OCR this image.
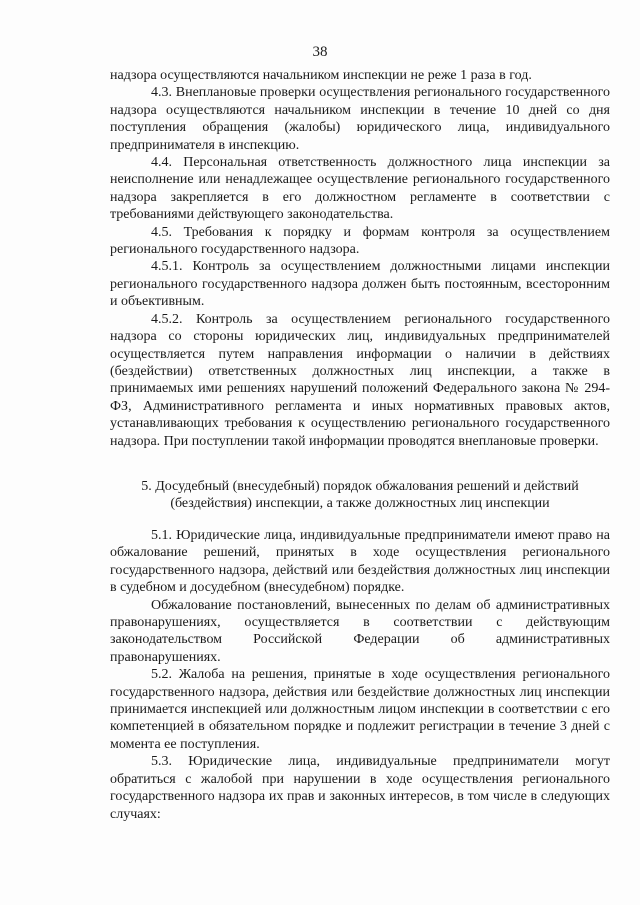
38

надзора осуществляются начальником инспекции не реже 1 раза в год.

4.3. Внеплановые проверки осуществления регионального государственного надзора осуществляются начальником инспекции в течение 10 дней со дня поступления обращения (жалобы) юридического лица, индивидуального предпринимателя в инспекцию.

4.4. Персональная ответственность должностного лица инспекции за неисполнение или ненадлежащее осуществление регионального государственного надзора закрепляется в его должностном регламенте в соответствии с требованиями действующего законодательства.

4.5. Требования к порядку и формам контроля за осуществлением регионального государственного надзора.

4.5.1. Контроль за осуществлением должностными лицами инспекции регионального государственного надзора должен быть постоянным, всесторонним и объективным.

4.5.2. Контроль за осуществлением регионального государственного надзора со стороны юридических лиц, индивидуальных предпринимателей осуществляется путем направления информации о наличии в действиях (бездействии) ответственных должностных лиц инспекции, а также в принимаемых ими решениях нарушений положений Федерального закона № 294-ФЗ, Административного регламента и иных нормативных правовых актов, устанавливающих требования к осуществлению регионального государственного надзора. При поступлении такой информации проводятся внеплановые проверки.

5. Досудебный (внесудебный) порядок обжалования решений и действий

(бездействия) инспекции, а также должностных лиц инспекции

5.1. Юридические лица, индивидуальные предприниматели имеют право на обжалование решений, принятых в ходе осуществления регионального государственного надзора, действий или бездействия должностных лиц инспекции в судебном и досудебном (внесудебном) порядке.

Обжалование постановлений, вынесенных по делам об административных правонарушениях, осуществляется в соответствии с действующим законодательством Российской Федерации об административных правонарушениях.

5.2. Жалоба на решения, принятые в ходе осуществления регионального государственного надзора, действия или бездействие должностных лиц инспекции принимается инспекцией или должностным лицом инспекции в соответствии с его компетенцией в обязательном порядке и подлежит регистрации в течение 3 дней с момента ее поступления.

5.3. Юридические лица, индивидуальные предприниматели могут обратиться с жалобой при нарушении в ходе осуществления регионального государственного надзора их прав и законных интересов, в том числе в следующих случаях:
